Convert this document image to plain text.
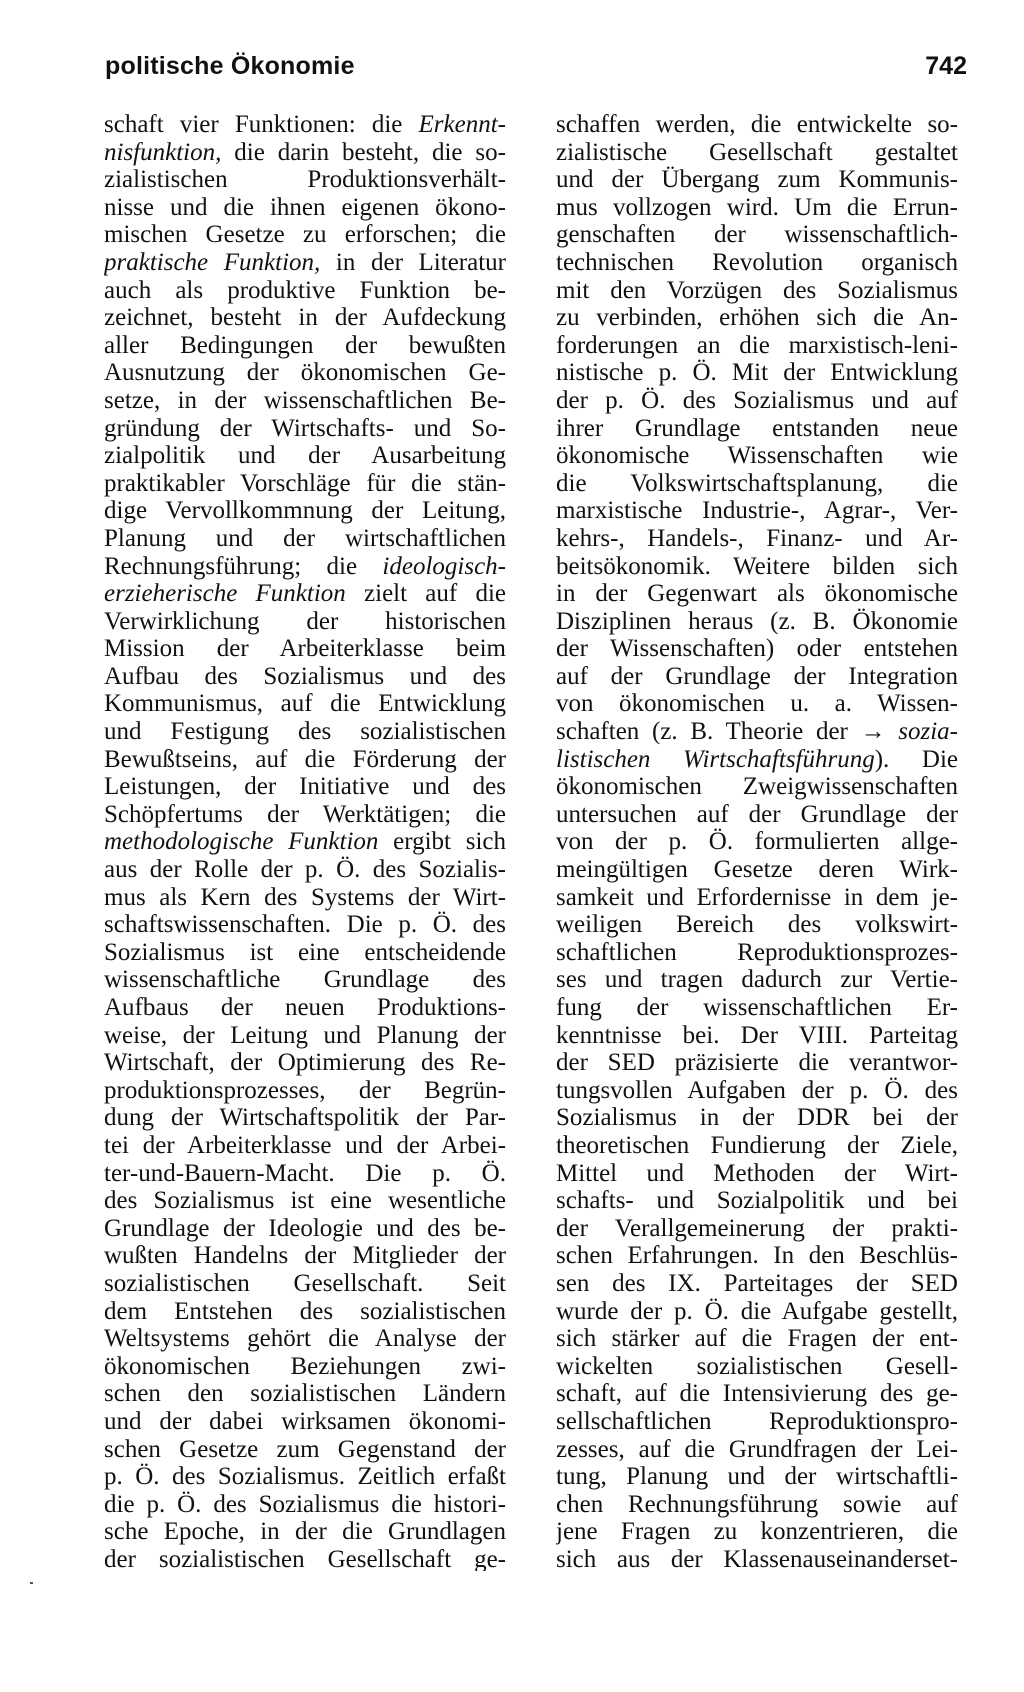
politische Ökonomie	742
schaft vier Funktionen: die Erkennt-
nisfunktion, die darin besteht, die so-
zialistischen Produktionsverhält-
nisse und die ihnen eigenen ökono-
mischen Gesetze zu erforschen; die
praktische Funktion, in der Literatur
auch als produktive Funktion be-
zeichnet, besteht in der Aufdeckung
aller Bedingungen der bewußten
Ausnutzung der ökonomischen Ge-
setze, in der wissenschaftlichen Be-
gründung der Wirtschafts- und So-
zialpolitik und der Ausarbeitung
praktikabler Vorschläge für die stän-
dige Vervollkommnung der Leitung,
Planung und der wirtschaftlichen
Rechnungsführung; die ideologisch-
erzieherische Funktion zielt auf die
Verwirklichung der historischen
Mission der Arbeiterklasse beim
Aufbau des Sozialismus und des
Kommunismus, auf die Entwicklung
und Festigung des sozialistischen
Bewußtseins, auf die Förderung der
Leistungen, der Initiative und des
Schöpfertums der Werktätigen; die
methodologische Funktion ergibt sich
aus der Rolle der p. Ö. des Sozialis-
mus als Kern des Systems der Wirt-
schaftswissenschaften. Die p. Ö. des
Sozialismus ist eine entscheidende
wissenschaftliche Grundlage des
Aufbaus der neuen Produktions-
weise, der Leitung und Planung der
Wirtschaft, der Optimierung des Re-
produktionsprozesses, der Begrün-
dung der Wirtschaftspolitik der Par-
tei der Arbeiterklasse und der Arbei-
ter-und-Bauern-Macht. Die p. Ö.
des Sozialismus ist eine wesentliche
Grundlage der Ideologie und des be-
wußten Handelns der Mitglieder der
sozialistischen Gesellschaft. Seit
dem Entstehen des sozialistischen
Weltsystems gehört die Analyse der
ökonomischen Beziehungen zwi-
schen den sozialistischen Ländern
und der dabei wirksamen ökonomi-
schen Gesetze zum Gegenstand der
p. Ö. des Sozialismus. Zeitlich erfaßt
die p. Ö. des Sozialismus die histori-
sche Epoche, in der die Grundlagen
der sozialistischen Gesellschaft ge-
schaffen werden, die entwickelte so-
zialistische Gesellschaft gestaltet
und der Übergang zum Kommunis-
mus vollzogen wird. Um die Errun-
genschaften der wissenschaftlich-
technischen Revolution organisch
mit den Vorzügen des Sozialismus
zu verbinden, erhöhen sich die An-
forderungen an die marxistisch-leni-
nistische p. Ö. Mit der Entwicklung
der p. Ö. des Sozialismus und auf
ihrer Grundlage entstanden neue
ökonomische Wissenschaften wie
die Volkswirtschaftsplanung, die
marxistische Industrie-, Agrar-, Ver-
kehrs-, Handels-, Finanz- und Ar-
beitsökonomik. Weitere bilden sich
in der Gegenwart als ökonomische
Disziplinen heraus (z. B. Ökonomie
der Wissenschaften) oder entstehen
auf der Grundlage der Integration
von ökonomischen u. a. Wissen-
schaften (z. B. Theorie der → sozia-
listischen Wirtschaftsführung). Die
ökonomischen Zweigwissenschaften
untersuchen auf der Grundlage der
von der p. Ö. formulierten allge-
meingültigen Gesetze deren Wirk-
samkeit und Erfordernisse in dem je-
weiligen Bereich des volkswirt-
schaftlichen Reproduktionsprozes-
ses und tragen dadurch zur Vertie-
fung der wissenschaftlichen Er-
kenntnisse bei. Der VIII. Parteitag
der SED präzisierte die verantwor-
tungsvollen Aufgaben der p. Ö. des
Sozialismus in der DDR bei der
theoretischen Fundierung der Ziele,
Mittel und Methoden der Wirt-
schafts- und Sozialpolitik und bei
der Verallgemeinerung der prakti-
schen Erfahrungen. In den Beschlüs-
sen des IX. Parteitages der SED
wurde der p. Ö. die Aufgabe gestellt,
sich stärker auf die Fragen der ent-
wickelten sozialistischen Gesell-
schaft, auf die Intensivierung des ge-
sellschaftlichen Reproduktionspro-
zesses, auf die Grundfragen der Lei-
tung, Planung und der wirtschaftli-
chen Rechnungsführung sowie auf
jene Fragen zu konzentrieren, die
sich aus der Klassenauseinanderset-
